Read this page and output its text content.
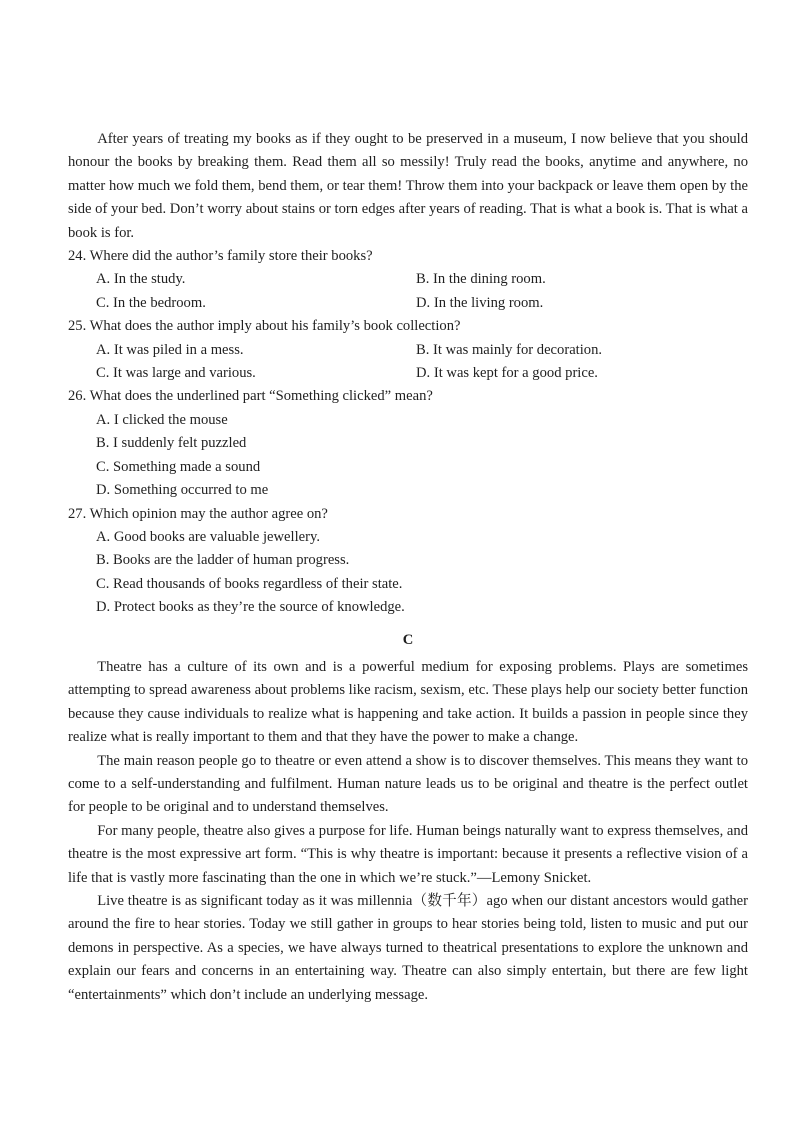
After years of treating my books as if they ought to be preserved in a museum, I now believe that you should honour the books by breaking them. Read them all so messily! Truly read the books, anytime and anywhere, no matter how much we fold them, bend them, or tear them! Throw them into your backpack or leave them open by the side of your bed. Don’t worry about stains or torn edges after years of reading. That is what a book is. That is what a book is for.

24. Where did the author’s family store their books?

A. In the study.	B. In the dining room.

C. In the bedroom.	D. In the living room.

25. What does the author imply about his family’s book collection?

A. It was piled in a mess.	B. It was mainly for decoration.

C. It was large and various.	D. It was kept for a good price.

26. What does the underlined part “Something clicked” mean?

A. I clicked the mouse

B. I suddenly felt puzzled

C. Something made a sound

D. Something occurred to me

27. Which opinion may the author agree on?

A. Good books are valuable jewellery.

B. Books are the ladder of human progress.

C. Read thousands of books regardless of their state.

D. Protect books as they’re the source of knowledge.

C

Theatre has a culture of its own and is a powerful medium for exposing problems. Plays are sometimes attempting to spread awareness about problems like racism, sexism, etc. These plays help our society better function because they cause individuals to realize what is happening and take action. It builds a passion in people since they realize what is really important to them and that they have the power to make a change.

The main reason people go to theatre or even attend a show is to discover themselves. This means they want to come to a self-understanding and fulfilment. Human nature leads us to be original and theatre is the perfect outlet for people to be original and to understand themselves.

For many people, theatre also gives a purpose for life. Human beings naturally want to express themselves, and theatre is the most expressive art form. “This is why theatre is important: because it presents a reflective vision of a life that is vastly more fascinating than the one in which we’re stuck.”—Lemony Snicket.

Live theatre is as significant today as it was millennia（数千年）ago when our distant ancestors would gather around the fire to hear stories. Today we still gather in groups to hear stories being told, listen to music and put our demons in perspective. As a species, we have always turned to theatrical presentations to explore the unknown and explain our fears and concerns in an entertaining way. Theatre can also simply entertain, but there are few light “entertainments” which don’t include an underlying message.
